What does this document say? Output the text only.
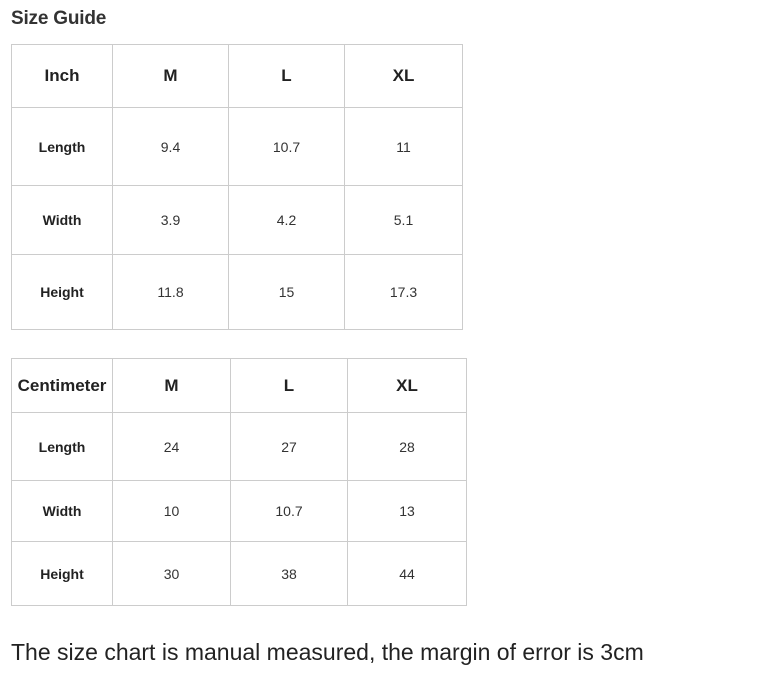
Size Guide
Inch	M	L	XL
Length	9.4	10.7	11
Width	3.9	4.2	5.1
Height	11.8	15	17.3
Centimeter	M	L	XL
Length	24	27	28
Width	10	10.7	13
Height	30	38	44
The size chart is manual measured, the margin of error is 3cm
